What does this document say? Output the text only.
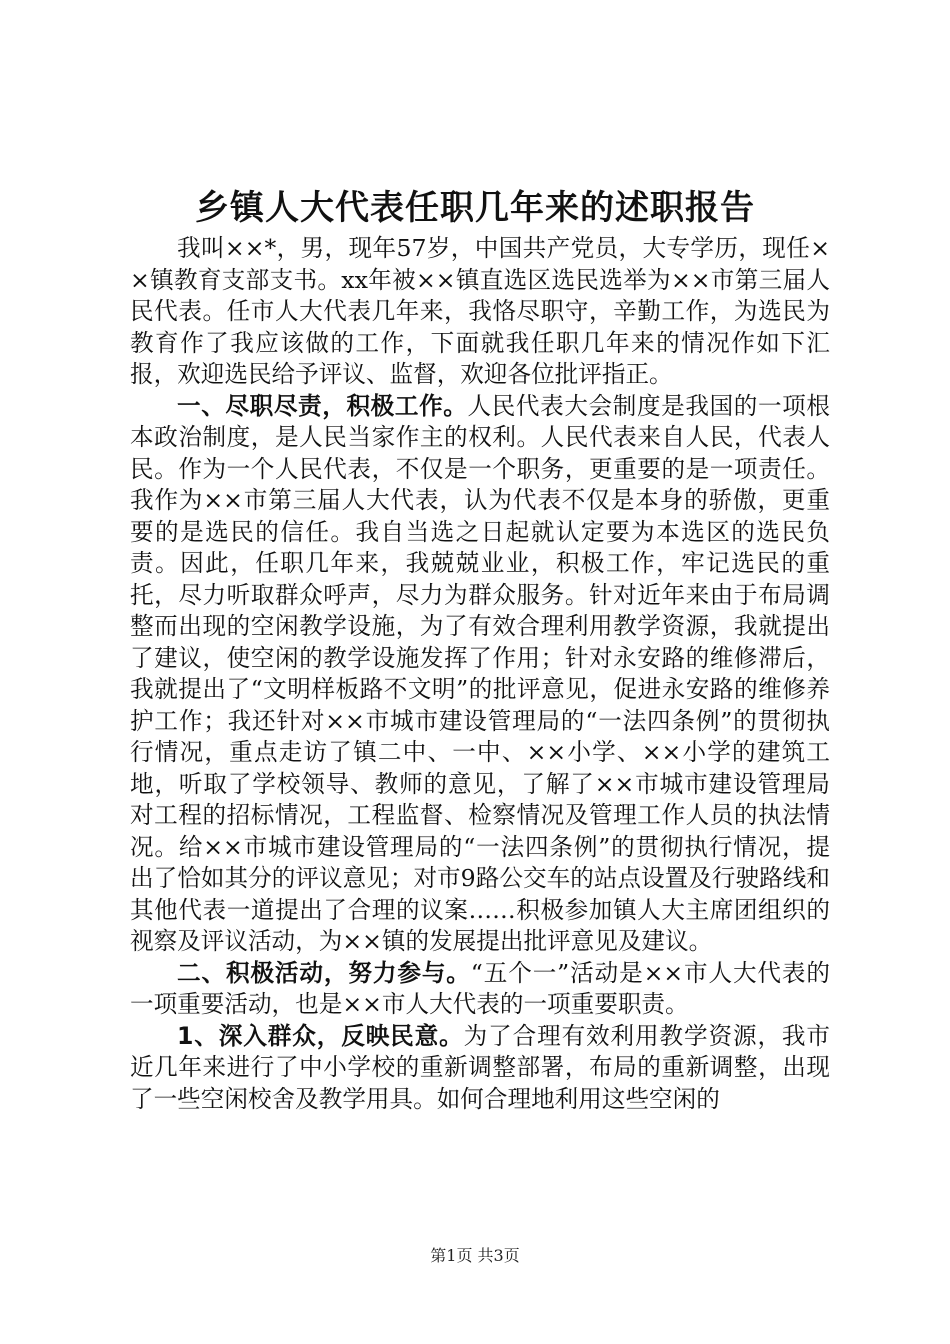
乡镇人大代表任职几年来的述职报告

我叫××*，男，现年57岁，中国共产党员，大专学历，现任××镇教育支部支书。xx年被××镇直选区选民选举为××市第三届人民代表。任市人大代表几年来，我恪尽职守，辛勤工作，为选民为教育作了我应该做的工作，下面就我任职几年来的情况作如下汇报，欢迎选民给予评议、监督，欢迎各位批评指正。

一、尽职尽责，积极工作。人民代表大会制度是我国的一项根本政治制度，是人民当家作主的权利。人民代表来自人民，代表人民。作为一个人民代表，不仅是一个职务，更重要的是一项责任。我作为××市第三届人大代表，认为代表不仅是本身的骄傲，更重要的是选民的信任。我自当选之日起就认定要为本选区的选民负责。因此，任职几年来，我兢兢业业，积极工作，牢记选民的重托，尽力听取群众呼声，尽力为群众服务。针对近年来由于布局调整而出现的空闲教学设施，为了有效合理利用教学资源，我就提出了建议，使空闲的教学设施发挥了作用；针对永安路的维修滞后，我就提出了“文明样板路不文明”的批评意见，促进永安路的维修养护工作；我还针对××市城市建设管理局的“一法四条例”的贯彻执行情况，重点走访了镇二中、一中、××小学、××小学的建筑工地，听取了学校领导、教师的意见，了解了××市城市建设管理局对工程的招标情况，工程监督、检察情况及管理工作人员的执法情况。给××市城市建设管理局的“一法四条例”的贯彻执行情况，提出了恰如其分的评议意见；对市9路公交车的站点设置及行驶路线和其他代表一道提出了合理的议案……积极参加镇人大主席团组织的视察及评议活动，为××镇的发展提出批评意见及建议。

二、积极活动，努力参与。“五个一”活动是××市人大代表的一项重要活动，也是××市人大代表的一项重要职责。

1、深入群众，反映民意。为了合理有效利用教学资源，我市近几年来进行了中小学校的重新调整部署，布局的重新调整，出现了一些空闲校舍及教学用具。如何合理地利用这些空闲的

第1页 共3页
